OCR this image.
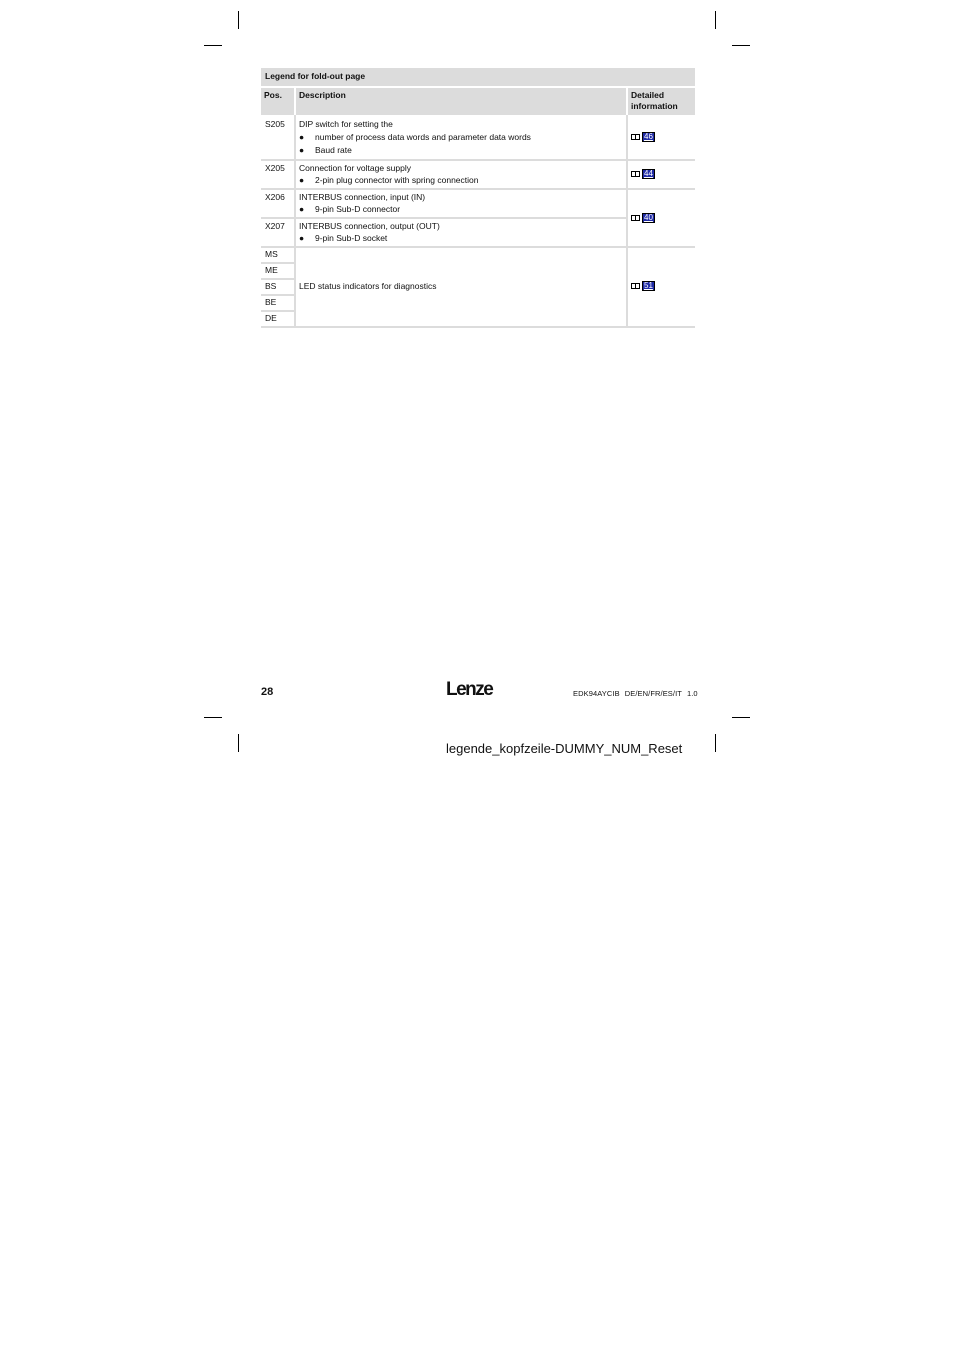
Legend for fold-out page
Pos.	Description	Detailed
information

S205	DIP switch for setting the
● number of process data words and parameter data words
● Baud rate	46

X205	Connection for voltage supply
● 2-pin plug connector with spring connection	44

X206	INTERBUS connection, input (IN)
● 9-pin Sub-D connector	40

X207	INTERBUS connection, output (OUT)
● 9-pin Sub-D socket	

MS	LED status indicators for diagnostics	51

ME		
BS		
BE		
DE		
28	Lenze	EDK94AYCIB DE/EN/FR/ES/IT 1.0
legende_kopfzeile-DUMMY_NUM_Reset
